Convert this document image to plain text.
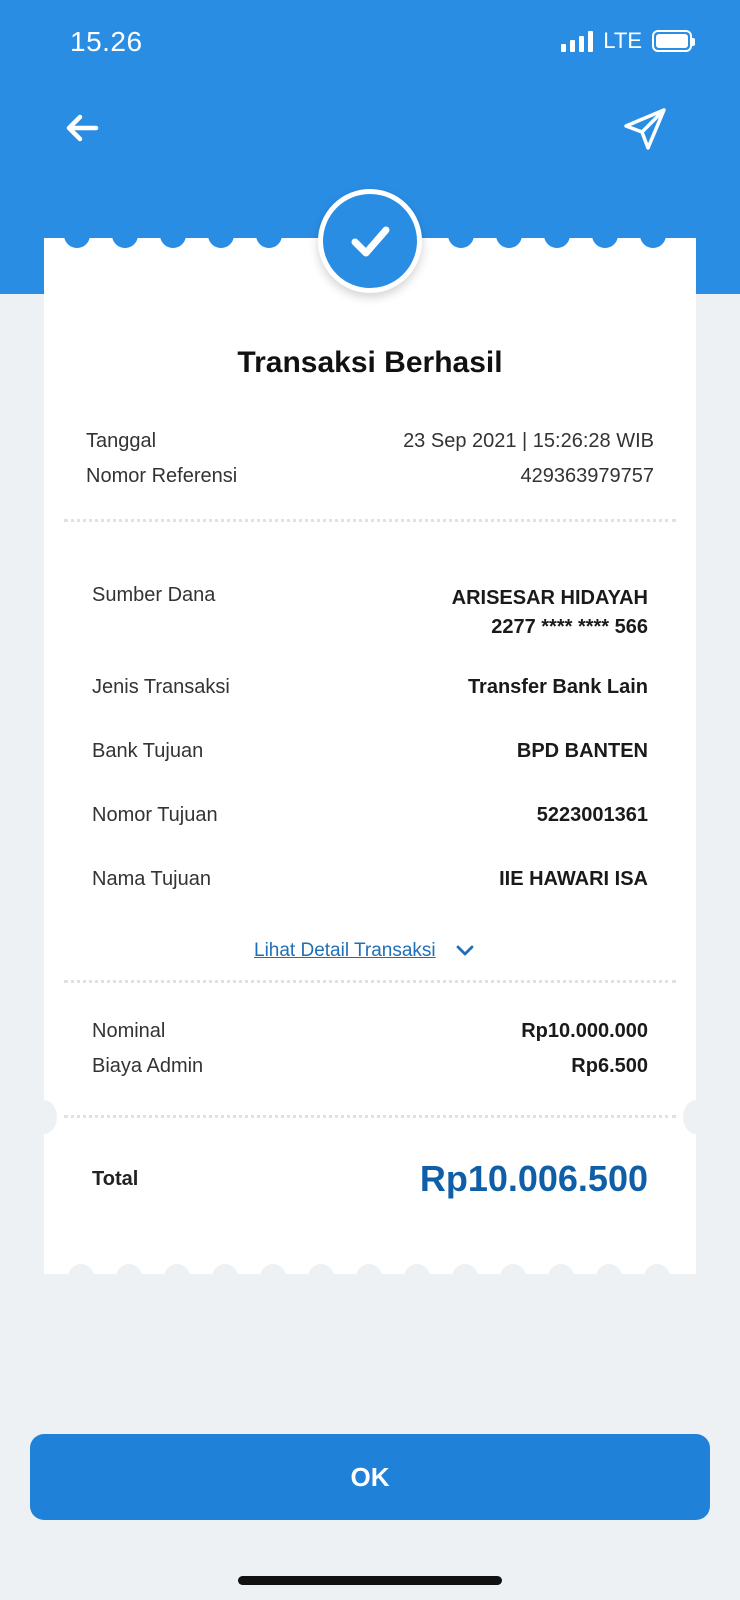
15.26	LTE
Transaksi Berhasil
Tanggal	23 Sep 2021 | 15:26:28 WIB
Nomor Referensi	429363979757
Sumber Dana	ARISESAR HIDAYAH
2277 **** **** 566
Jenis Transaksi	Transfer Bank Lain
Bank Tujuan	BPD BANTEN
Nomor Tujuan	5223001361
Nama Tujuan	IIE HAWARI ISA
Lihat Detail Transaksi
Nominal	Rp10.000.000
Biaya Admin	Rp6.500
Total	Rp10.006.500
OK
